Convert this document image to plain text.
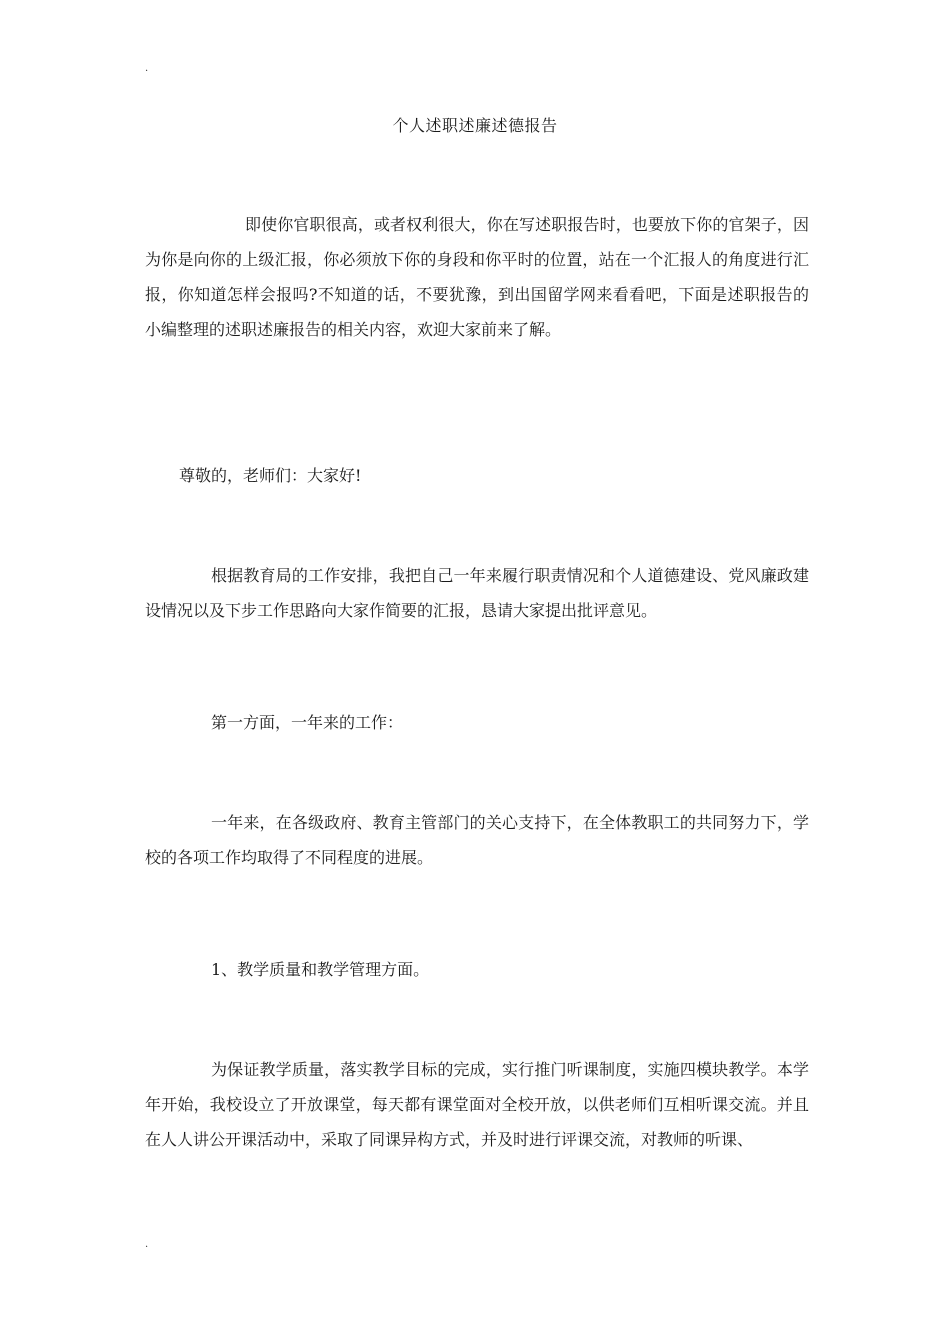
.
个人述职述廉述德报告

即使你官职很高，或者权利很大，你在写述职报告时，也要放下你的官架子，因为你是向你的上级汇报，你必须放下你的身段和你平时的位置，站在一个汇报人的角度进行汇报，你知道怎样会报吗?不知道的话，不要犹豫，到出国留学网来看看吧，下面是述职报告的小编整理的述职述廉报告的相关内容，欢迎大家前来了解。

尊敬的，老师们：大家好!

根据教育局的工作安排，我把自己一年来履行职责情况和个人道德建设、党风廉政建设情况以及下步工作思路向大家作简要的汇报，恳请大家提出批评意见。

第一方面，一年来的工作：

一年来，在各级政府、教育主管部门的关心支持下，在全体教职工的共同努力下，学校的各项工作均取得了不同程度的进展。

1、教学质量和教学管理方面。

为保证教学质量，落实教学目标的完成，实行推门听课制度，实施四模块教学。本学年开始，我校设立了开放课堂，每天都有课堂面对全校开放，以供老师们互相听课交流。并且在人人讲公开课活动中，采取了同课异构方式，并及时进行评课交流，对教师的听课、

.
